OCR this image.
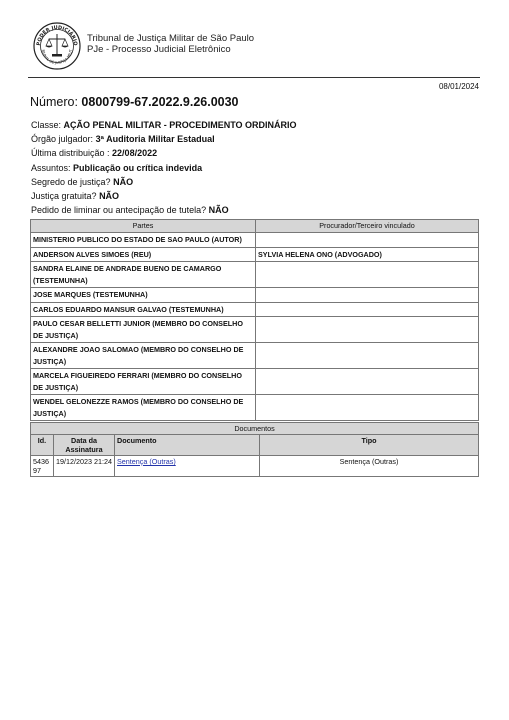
PODER JUDICIÁRIO
IBUNAL DE JUSTIÇA MILIT
Tribunal de Justiça Militar de São Paulo
PJe - Processo Judicial Eletrônico
08/01/2024
Número: 0800799-67.2022.9.26.0030
Classe: AÇÃO PENAL MILITAR - PROCEDIMENTO ORDINÁRIO
Órgão julgador: 3ª Auditoria Militar Estadual
Última distribuição : 22/08/2022
Assuntos: Publicação ou crítica indevida
Segredo de justiça? NÃO
Justiça gratuita? NÃO
Pedido de liminar ou antecipação de tutela? NÃO
Partes	Procurador/Terceiro vinculado
MINISTERIO PUBLICO DO ESTADO DE SAO PAULO (AUTOR)	
ANDERSON ALVES SIMOES (REU)	SYLVIA HELENA ONO (ADVOGADO)
SANDRA ELAINE DE ANDRADE BUENO DE CAMARGO (TESTEMUNHA)	
JOSE MARQUES (TESTEMUNHA)	
CARLOS EDUARDO MANSUR GALVAO (TESTEMUNHA)	
PAULO CESAR BELLETTI JUNIOR (MEMBRO DO CONSELHO DE JUSTIÇA)	
ALEXANDRE JOAO SALOMAO (MEMBRO DO CONSELHO DE JUSTIÇA)	
MARCELA FIGUEIREDO FERRARI (MEMBRO DO CONSELHO DE JUSTIÇA)	
WENDEL GELONEZZE RAMOS (MEMBRO DO CONSELHO DE JUSTIÇA)	
Documentos			
Id.	Data da Assinatura	Documento	Tipo
543697	19/12/2023 21:24	Sentença (Outras)	Sentença (Outras)
